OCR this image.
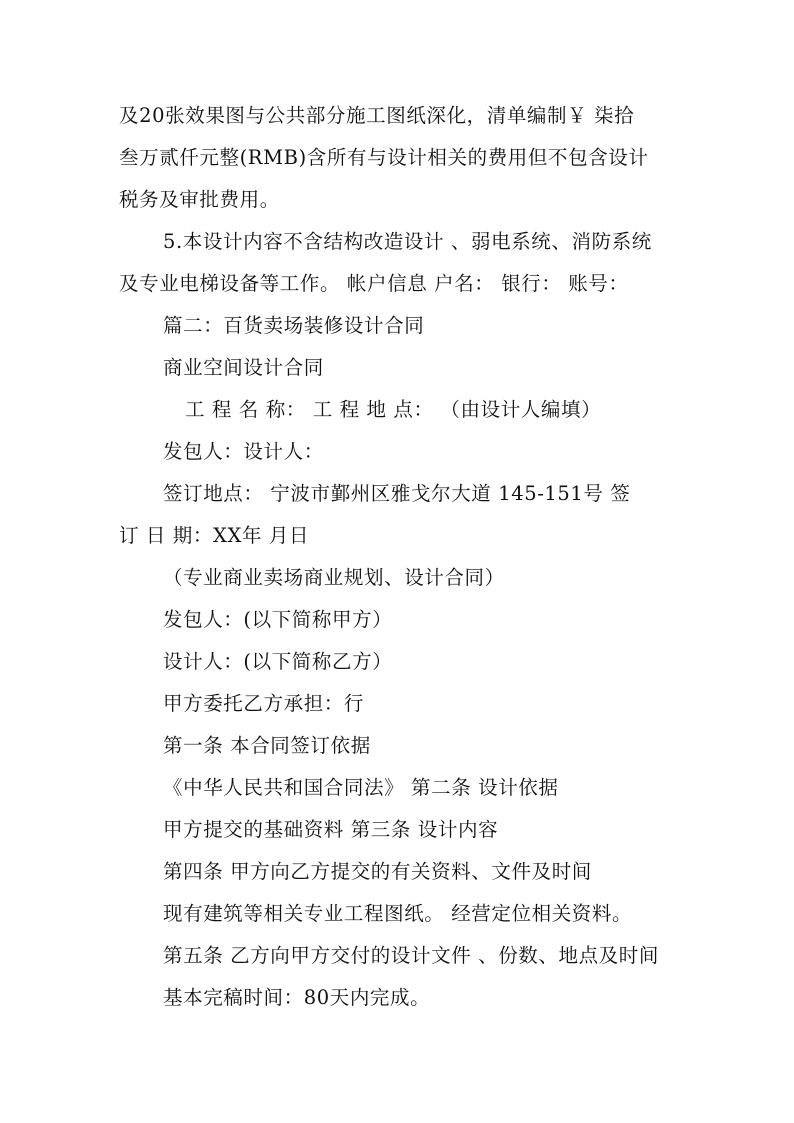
及20张效果图与公共部分施工图纸深化，清单编制￥ 柒拾
叁万贰仟元整(RMB)含所有与设计相关的费用但不包含设计
税务及审批费用。
5.本设计内容不含结构改造设计 、弱电系统、消防系统
及专业电梯设备等工作。 帐户信息 户名： 银行： 账号：
篇二：百货卖场装修设计合同
商业空间设计合同
工 程 名 称： 工 程 地 点： （由设计人编填）
发包人：设计人：
签订地点： 宁波市鄞州区雅戈尔大道 145-151号 签
订 日 期：XX年 月日
（专业商业卖场商业规划、设计合同）
发包人：(以下简称甲方）
设计人：(以下简称乙方）
甲方委托乙方承担：行
第一条 本合同签订依据
《中华人民共和国合同法》 第二条 设计依据
甲方提交的基础资料 第三条 设计内容
第四条 甲方向乙方提交的有关资料、文件及时间
现有建筑等相关专业工程图纸。 经营定位相关资料。
第五条 乙方向甲方交付的设计文件 、份数、地点及时间
基本完稿时间：80天内完成。
